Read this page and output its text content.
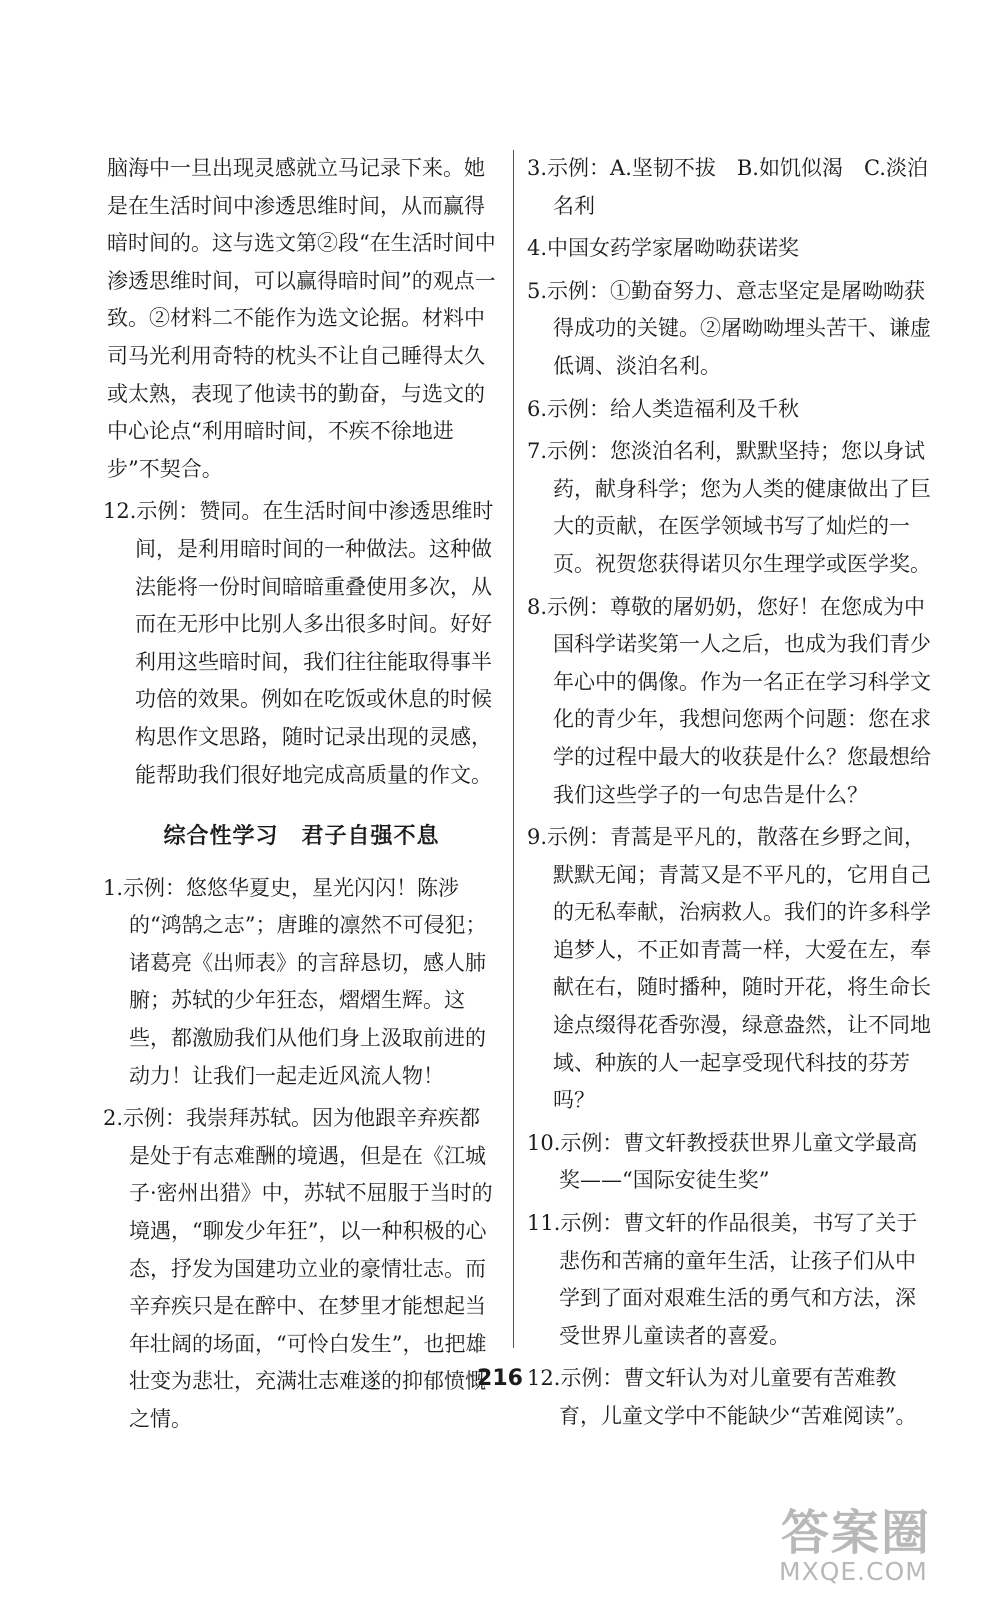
脑海中一旦出现灵感就立马记录下来。她是在生活时间中渗透思维时间，从而赢得暗时间的。这与选文第②段“在生活时间中渗透思维时间，可以赢得暗时间”的观点一致。②材料二不能作为选文论据。材料中司马光利用奇特的枕头不让自己睡得太久或太熟，表现了他读书的勤奋，与选文的中心论点“利用暗时间，不疾不徐地进步”不契合。

12.示例：赞同。在生活时间中渗透思维时间，是利用暗时间的一种做法。这种做法能将一份时间暗暗重叠使用多次，从而在无形中比别人多出很多时间。好好利用这些暗时间，我们往往能取得事半功倍的效果。例如在吃饭或休息的时候构思作文思路，随时记录出现的灵感，能帮助我们很好地完成高质量的作文。

综合性学习　君子自强不息

1.示例：悠悠华夏史，星光闪闪！陈涉的“鸿鹄之志”；唐雎的凛然不可侵犯；诸葛亮《出师表》的言辞恳切，感人肺腑；苏轼的少年狂态，熠熠生辉。这些，都激励我们从他们身上汲取前进的动力！让我们一起走近风流人物！

2.示例：我崇拜苏轼。因为他跟辛弃疾都是处于有志难酬的境遇，但是在《江城子·密州出猎》中，苏轼不屈服于当时的境遇，“聊发少年狂”，以一种积极的心态，抒发为国建功立业的豪情壮志。而辛弃疾只是在醉中、在梦里才能想起当年壮阔的场面，“可怜白发生”，也把雄壮变为悲壮，充满壮志难遂的抑郁愤慨之情。

3.示例：A.坚韧不拔　B.如饥似渴　C.淡泊名利

4.中国女药学家屠呦呦获诺奖

5.示例：①勤奋努力、意志坚定是屠呦呦获得成功的关键。②屠呦呦埋头苦干、谦虚低调、淡泊名利。

6.示例：给人类造福利及千秋

7.示例：您淡泊名利，默默坚持；您以身试药，献身科学；您为人类的健康做出了巨大的贡献，在医学领域书写了灿烂的一页。祝贺您获得诺贝尔生理学或医学奖。

8.示例：尊敬的屠奶奶，您好！在您成为中国科学诺奖第一人之后，也成为我们青少年心中的偶像。作为一名正在学习科学文化的青少年，我想问您两个问题：您在求学的过程中最大的收获是什么？您最想给我们这些学子的一句忠告是什么？

9.示例：青蒿是平凡的，散落在乡野之间，默默无闻；青蒿又是不平凡的，它用自己的无私奉献，治病救人。我们的许多科学追梦人，不正如青蒿一样，大爱在左，奉献在右，随时播种，随时开花，将生命长途点缀得花香弥漫，绿意盎然，让不同地域、种族的人一起享受现代科技的芬芳吗？

10.示例：曹文轩教授获世界儿童文学最高奖——“国际安徒生奖”

11.示例：曹文轩的作品很美，书写了关于悲伤和苦痛的童年生活，让孩子们从中学到了面对艰难生活的勇气和方法，深受世界儿童读者的喜爱。

12.示例：曹文轩认为对儿童要有苦难教育，儿童文学中不能缺少“苦难阅读”。

216
答案圈
MXQE.COM
